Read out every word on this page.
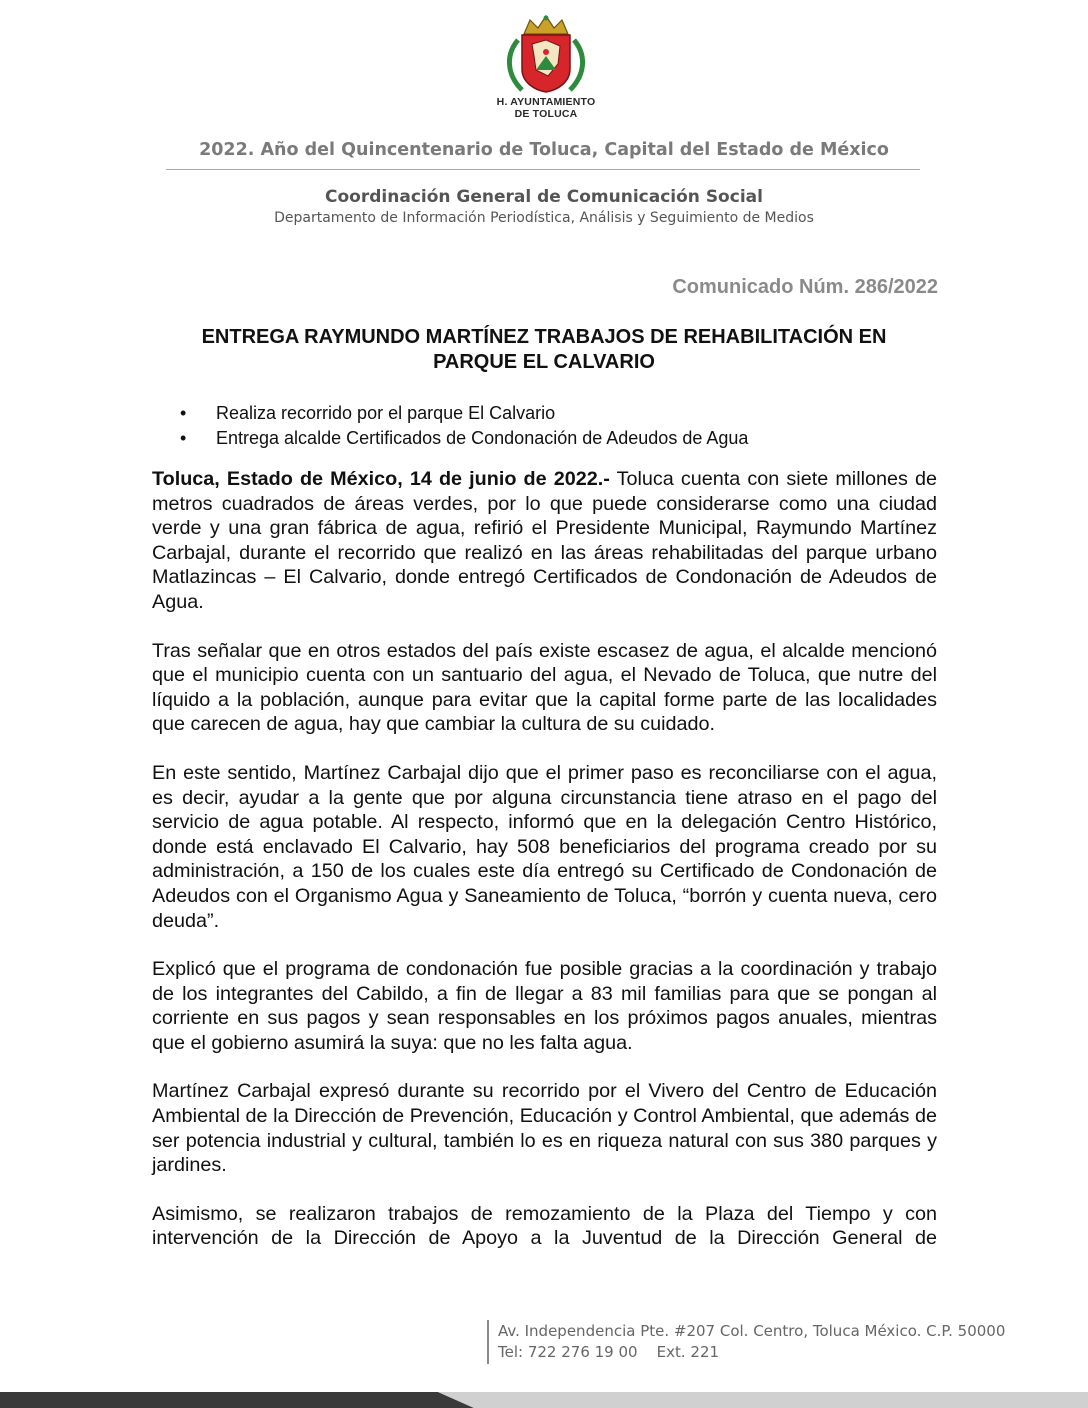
H. AYUNTAMIENTO
DE TOLUCA
2022. Año del Quincentenario de Toluca, Capital del Estado de México
Coordinación General de Comunicación Social
Departamento de Información Periodística, Análisis y Seguimiento de Medios
Comunicado Núm. 286/2022
ENTREGA RAYMUNDO MARTÍNEZ TRABAJOS DE REHABILITACIÓN EN
PARQUE EL CALVARIO
• Realiza recorrido por el parque El Calvario
• Entrega alcalde Certificados de Condonación de Adeudos de Agua

Toluca, Estado de México, 14 de junio de 2022.- Toluca cuenta con siete millones de metros cuadrados de áreas verdes, por lo que puede considerarse como una ciudad verde y una gran fábrica de agua, refirió el Presidente Municipal, Raymundo Martínez Carbajal, durante el recorrido que realizó en las áreas rehabilitadas del parque urbano Matlazincas – El Calvario, donde entregó Certificados de Condonación de Adeudos de Agua.

Tras señalar que en otros estados del país existe escasez de agua, el alcalde mencionó que el municipio cuenta con un santuario del agua, el Nevado de Toluca, que nutre del líquido a la población, aunque para evitar que la capital forme parte de las localidades que carecen de agua, hay que cambiar la cultura de su cuidado.

En este sentido, Martínez Carbajal dijo que el primer paso es reconciliarse con el agua, es decir, ayudar a la gente que por alguna circunstancia tiene atraso en el pago del servicio de agua potable. Al respecto, informó que en la delegación Centro Histórico, donde está enclavado El Calvario, hay 508 beneficiarios del programa creado por su administración, a 150 de los cuales este día entregó su Certificado de Condonación de Adeudos con el Organismo Agua y Saneamiento de Toluca, “borrón y cuenta nueva, cero deuda”.

Explicó que el programa de condonación fue posible gracias a la coordinación y trabajo de los integrantes del Cabildo, a fin de llegar a 83 mil familias para que se pongan al corriente en sus pagos y sean responsables en los próximos pagos anuales, mientras que el gobierno asumirá la suya: que no les falta agua.

Martínez Carbajal expresó durante su recorrido por el Vivero del Centro de Educación Ambiental de la Dirección de Prevención, Educación y Control Ambiental, que además de ser potencia industrial y cultural, también lo es en riqueza natural con sus 380 parques y jardines.

Asimismo, se realizaron trabajos de remozamiento de la Plaza del Tiempo y con intervención de la Dirección de Apoyo a la Juventud de la Dirección General de

Av. Independencia Pte. #207 Col. Centro, Toluca México. C.P. 50000
Tel: 722 276 19 00    Ext. 221
